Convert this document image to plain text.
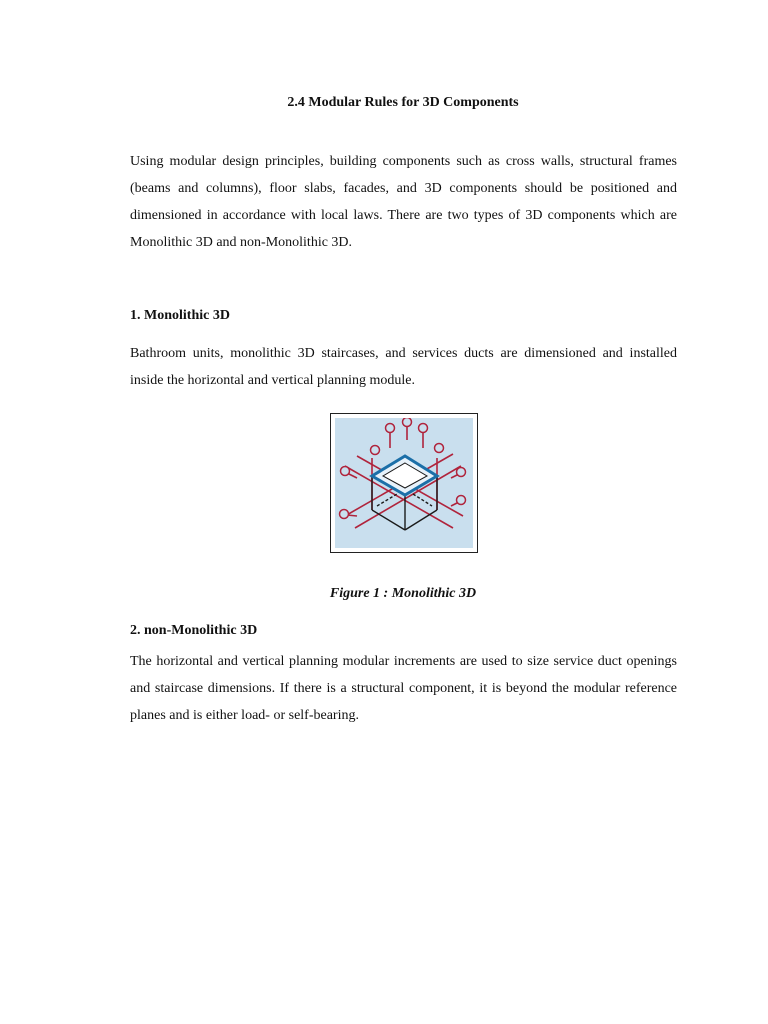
2.4 Modular Rules for 3D Components
Using modular design principles, building components such as cross walls, structural frames (beams and columns), floor slabs, facades, and 3D components should be positioned and dimensioned in accordance with local laws. There are two types of 3D components which are Monolithic 3D and non-Monolithic 3D.
1. Monolithic 3D
Bathroom units, monolithic 3D staircases, and services ducts are dimensioned and installed inside the horizontal and vertical planning module.
Figure 1 : Monolithic 3D
2. non-Monolithic 3D
The horizontal and vertical planning modular increments are used to size service duct openings and staircase dimensions. If there is a structural component, it is beyond the modular reference planes and is either load- or self-bearing.
